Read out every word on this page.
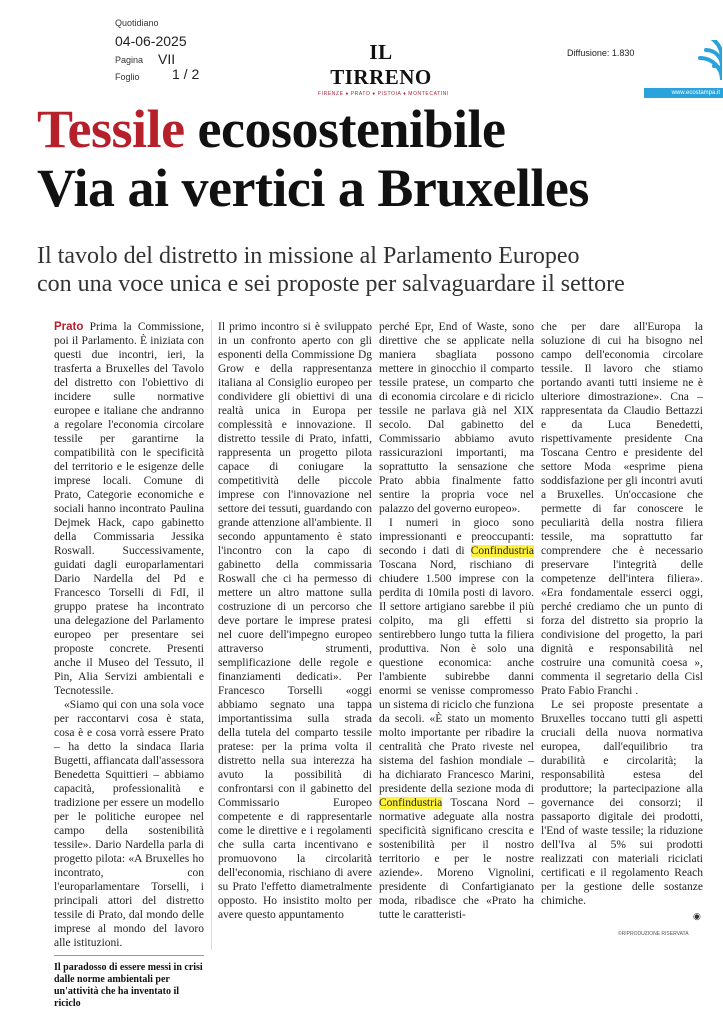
Quotidiano
04-06-2025
Pagina VII
Foglio 1 / 2
IL TIRRENO
FIRENZE ♦ PRATO ♦ PISTOIA ♦ MONTECATINI
Diffusione: 1.830
www.ecostampa.it
Tessile ecosostenibile
Via ai vertici a Bruxelles

Il tavolo del distretto in missione al Parlamento Europeo
con una voce unica e sei proposte per salvaguardare il settore

Prato Prima la Commissione, poi il Parlamento. È iniziata con questi due incontri, ieri, la trasferta a Bruxelles del Tavolo del distretto con l'obiettivo di incidere sulle normative europee e italiane che andranno a regolare l'economia circolare tessile per garantirne la compatibilità con le specificità del territorio e le esigenze delle imprese locali. Comune di Prato, Categorie economiche e sociali hanno incontrato Paulina Dejmek Hack, capo gabinetto della Commissaria Jessika Roswall. Successivamente, guidati dagli europarlamentari Dario Nardella del Pd e Francesco Torselli di FdI, il gruppo pratese ha incontrato una delegazione del Parlamento europeo per presentare sei proposte concrete. Presenti anche il Museo del Tessuto, il Pin, Alia Servizi ambientali e Tecnotessile.

«Siamo qui con una sola voce per raccontarvi cosa è stata, cosa è e cosa vorrà essere Prato – ha detto la sindaca Ilaria Bugetti, affiancata dall'assessora Benedetta Squittieri – abbiamo capacità, professionalità e tradizione per essere un modello per le politiche europee nel campo della sostenibilità tessile». Dario Nardella parla di progetto pilota: «A Bruxelles ho incontrato, con l'europarlamentare Torselli, i principali attori del distretto tessile di Prato, dal mondo delle imprese al mondo del lavoro alle istituzioni.

Il primo incontro si è sviluppato in un confronto aperto con gli esponenti della Commissione Dg Grow e della rappresentanza italiana al Consiglio europeo per condividere gli obiettivi di una realtà unica in Europa per complessità e innovazione. Il distretto tessile di Prato, infatti, rappresenta un progetto pilota capace di coniugare la competitività delle piccole imprese con l'innovazione nel settore dei tessuti, guardando con grande attenzione all'ambiente. Il secondo appuntamento è stato l'incontro con la capo di gabinetto della commissaria Roswall che ci ha permesso di mettere un altro mattone sulla costruzione di un percorso che deve portare le imprese pratesi nel cuore dell'impegno europeo attraverso strumenti, semplificazione delle regole e finanziamenti dedicati». Per Francesco Torselli «oggi abbiamo segnato una tappa importantissima sulla strada della tutela del comparto tessile pratese: per la prima volta il distretto nella sua interezza ha avuto la possibilità di confrontarsi con il gabinetto del Commissario Europeo competente e di rappresentarle come le direttive e i regolamenti che sulla carta incentivano e promuovono la circolarità dell'economia, rischiano di avere su Prato l'effetto diametralmente opposto. Ho insistito molto per avere questo appuntamento

perché Epr, End of Waste, sono direttive che se applicate nella maniera sbagliata possono mettere in ginocchio il comparto tessile pratese, un comparto che di economia circolare e di riciclo tessile ne parlava già nel XIX secolo. Dal gabinetto del Commissario abbiamo avuto rassicurazioni importanti, ma soprattutto la sensazione che Prato abbia finalmente fatto sentire la propria voce nel palazzo del governo europeo».

I numeri in gioco sono impressionanti e preoccupanti: secondo i dati di Confindustria Toscana Nord, rischiano di chiudere 1.500 imprese con la perdita di 10mila posti di lavoro. Il settore artigiano sarebbe il più colpito, ma gli effetti si sentirebbero lungo tutta la filiera produttiva. Non è solo una questione economica: anche l'ambiente subirebbe danni enormi se venisse compromesso un sistema di riciclo che funziona da secoli. «È stato un momento molto importante per ribadire la centralità che Prato riveste nel sistema del fashion mondiale – ha dichiarato Francesco Marini, presidente della sezione moda di Confindustria Toscana Nord – normative adeguate alla nostra specificità significano crescita e sostenibilità per il nostro territorio e per le nostre aziende». Moreno Vignolini, presidente di Confartigianato moda, ribadisce che «Prato ha tutte le caratteristi-

che per dare all'Europa la soluzione di cui ha bisogno nel campo dell'economia circolare tessile. Il lavoro che stiamo portando avanti tutti insieme ne è ulteriore dimostrazione». Cna – rappresentata da Claudio Bettazzi e da Luca Benedetti, rispettivamente presidente Cna Toscana Centro e presidente del settore Moda «esprime piena soddisfazione per gli incontri avuti a Bruxelles. Un'occasione che permette di far conoscere le peculiarità della nostra filiera tessile, ma soprattutto far comprendere che è necessario preservare l'integrità delle competenze dell'intera filiera». «Era fondamentale esserci oggi, perché crediamo che un punto di forza del distretto sia proprio la condivisione del progetto, la pari dignità e responsabilità nel costruire una comunità coesa », commenta il segretario della Cisl Prato Fabio Franchi .

Le sei proposte presentate a Bruxelles toccano tutti gli aspetti cruciali della nuova normativa europea, dall'equilibrio tra durabilità e circolarità; la responsabilità estesa del produttore; la partecipazione alla governance dei consorzi; il passaporto digitale dei prodotti, l'End of waste tessile; la riduzione dell'Iva al 5% sui prodotti realizzati con materiali riciclati certificati e il regolamento Reach per la gestione delle sostanze chimiche.

◉
©RIPRODUZIONE RISERVATA
Il paradosso di essere messi in crisi dalle norme ambientali per un'attività che ha inventato il riciclo
